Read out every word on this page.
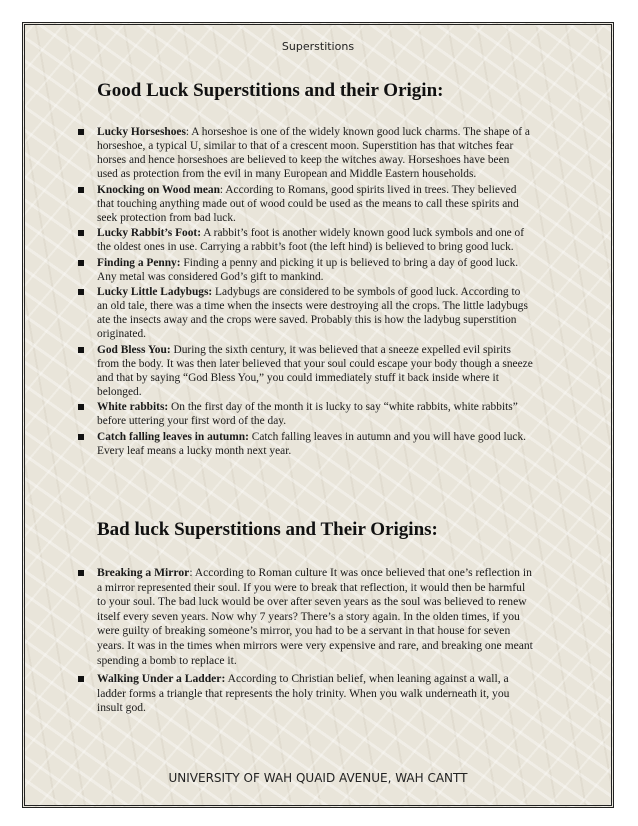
Superstitions
Good Luck Superstitions and their Origin:
Lucky Horseshoes: A horseshoe is one of the widely known good luck charms. The shape of a horseshoe, a typical U, similar to that of a crescent moon. Superstition has that witches fear horses and hence horseshoes are believed to keep the witches away. Horseshoes have been used as protection from the evil in many European and Middle Eastern households.
Knocking on Wood mean: According to Romans, good spirits lived in trees. They believed that touching anything made out of wood could be used as the means to call these spirits and seek protection from bad luck.
Lucky Rabbit’s Foot: A rabbit’s foot is another widely known good luck symbols and one of the oldest ones in use. Carrying a rabbit’s foot (the left hind) is believed to bring good luck.
Finding a Penny: Finding a penny and picking it up is believed to bring a day of good luck. Any metal was considered God’s gift to mankind.
Lucky Little Ladybugs: Ladybugs are considered to be symbols of good luck. According to an old tale, there was a time when the insects were destroying all the crops. The little ladybugs ate the insects away and the crops were saved. Probably this is how the ladybug superstition originated.
God Bless You: During the sixth century, it was believed that a sneeze expelled evil spirits from the body. It was then later believed that your soul could escape your body though a sneeze and that by saying “God Bless You,” you could immediately stuff it back inside where it belonged.
White rabbits: On the first day of the month it is lucky to say “white rabbits, white rabbits” before uttering your first word of the day.
Catch falling leaves in autumn: Catch falling leaves in autumn and you will have good luck. Every leaf means a lucky month next year.
Bad luck Superstitions and Their Origins:
Breaking a Mirror: According to Roman culture It was once believed that one’s reflection in a mirror represented their soul. If you were to break that reflection, it would then be harmful to your soul. The bad luck would be over after seven years as the soul was believed to renew itself every seven years. Now why 7 years? There’s a story again. In the olden times, if you were guilty of breaking someone’s mirror, you had to be a servant in that house for seven years. It was in the times when mirrors were very expensive and rare, and breaking one meant spending a bomb to replace it.
Walking Under a Ladder: According to Christian belief, when leaning against a wall, a ladder forms a triangle that represents the holy trinity. When you walk underneath it, you insult god.
UNIVERSITY OF WAH QUAID AVENUE, WAH CANTT
